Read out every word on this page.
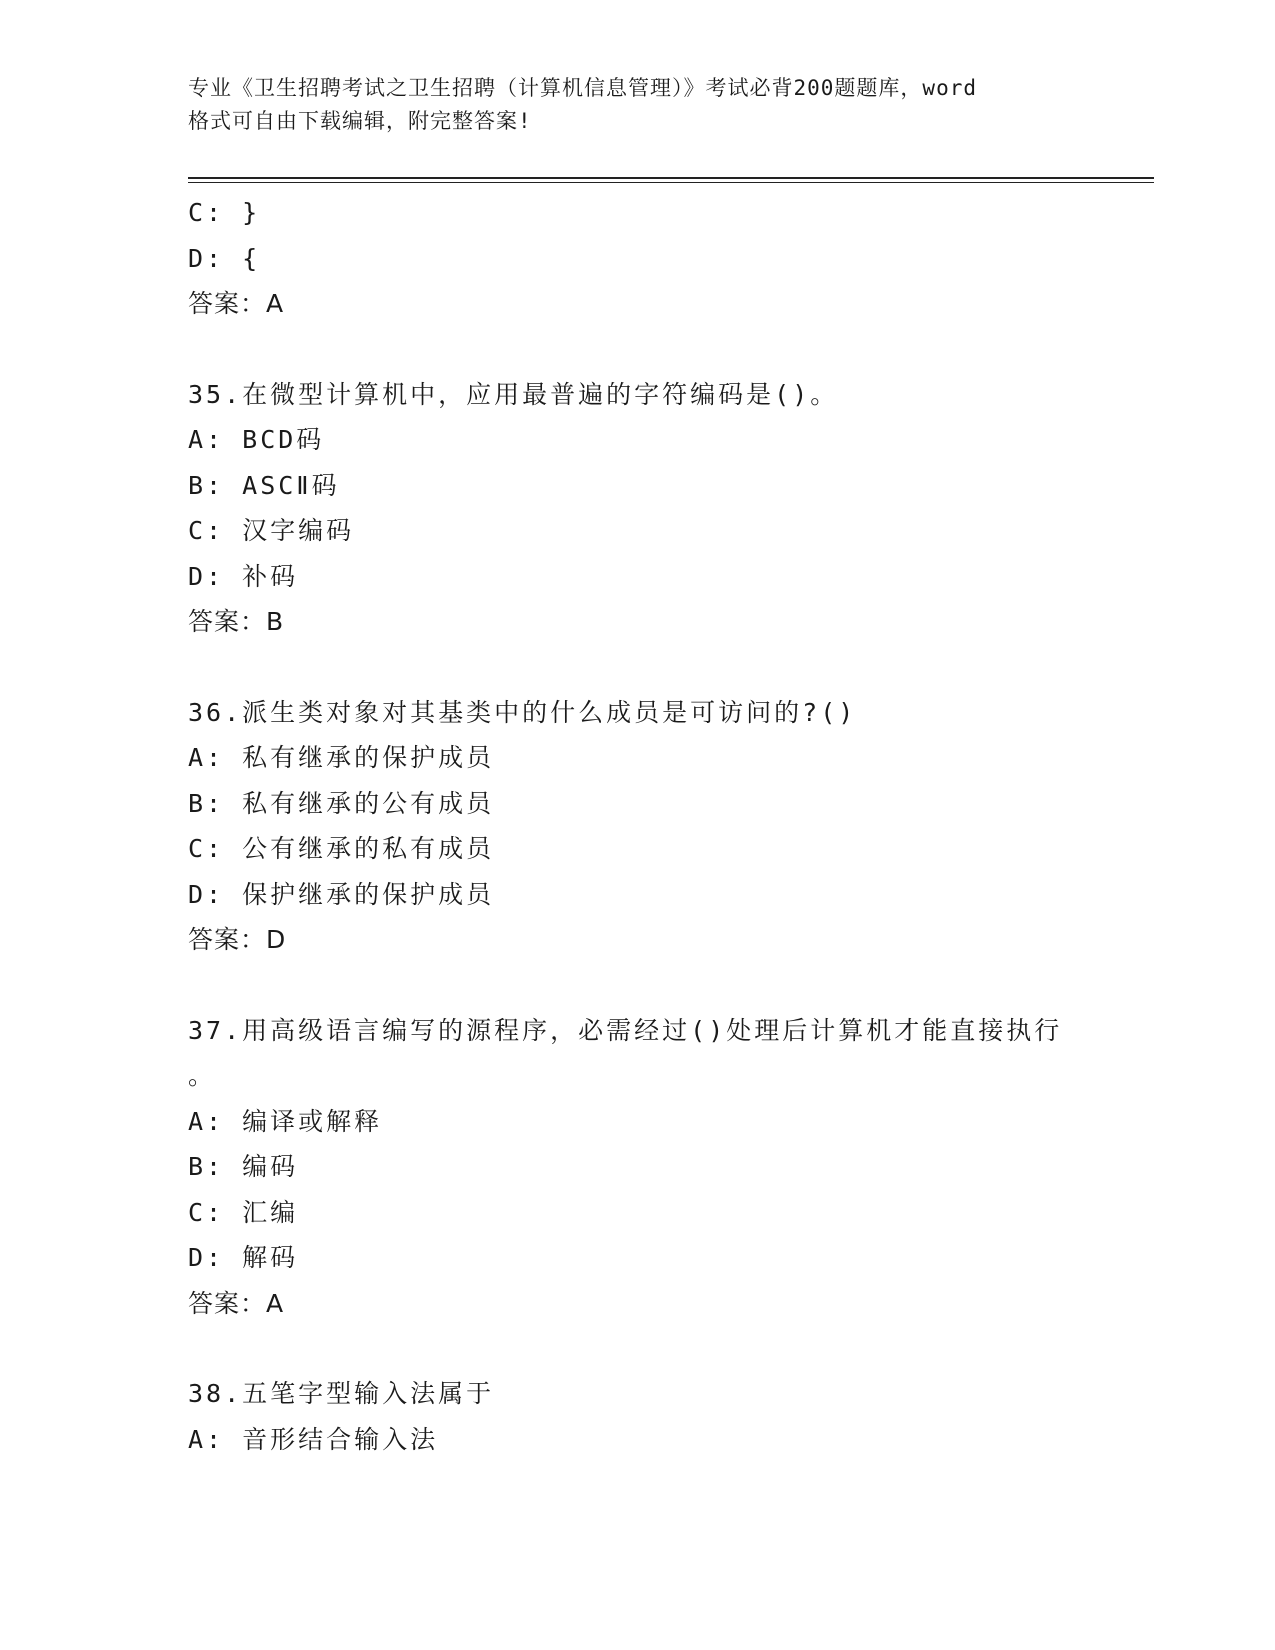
专业《卫生招聘考试之卫生招聘（计算机信息管理）》考试必背200题题库，word
格式可自由下载编辑，附完整答案!
C: }
D: {
答案：A
35.在微型计算机中，应用最普遍的字符编码是()。
A: BCD码
B: ASCⅡ码
C: 汉字编码
D: 补码
答案：B
36.派生类对象对其基类中的什么成员是可访问的?()
A: 私有继承的保护成员
B: 私有继承的公有成员
C: 公有继承的私有成员
D: 保护继承的保护成员
答案：D
37.用高级语言编写的源程序，必需经过()处理后计算机才能直接执行
。
A: 编译或解释
B: 编码
C: 汇编
D: 解码
答案：A
38.五笔字型输入法属于
A: 音形结合输入法
